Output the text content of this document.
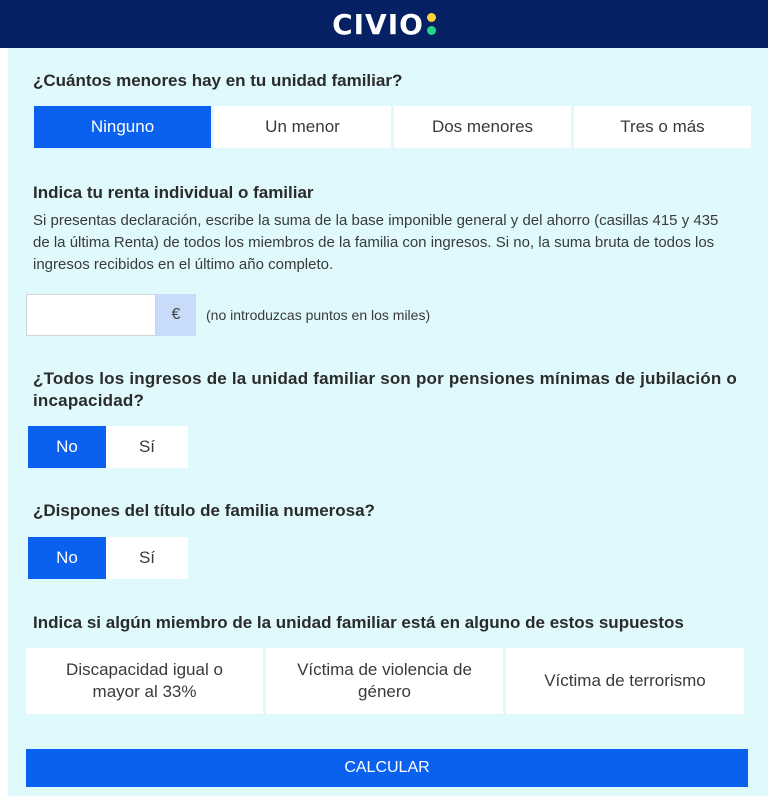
CIVIO
¿Cuántos menores hay en tu unidad familiar?
Ninguno	Un menor	Dos menores	Tres o más
Indica tu renta individual o familiar
Si presentas declaración, escribe la suma de la base imponible general y del ahorro (casillas 415 y 435 de la última Renta) de todos los miembros de la familia con ingresos. Si no, la suma bruta de todos los ingresos recibidos en el último año completo.
€	(no introduzcas puntos en los miles)
¿Todos los ingresos de la unidad familiar son por pensiones mínimas de jubilación o incapacidad?
No	Sí
¿Dispones del título de familia numerosa?
No	Sí
Indica si algún miembro de la unidad familiar está en alguno de estos supuestos
Discapacidad igual o mayor al 33%
Víctima de violencia de género
Víctima de terrorismo
CALCULAR
